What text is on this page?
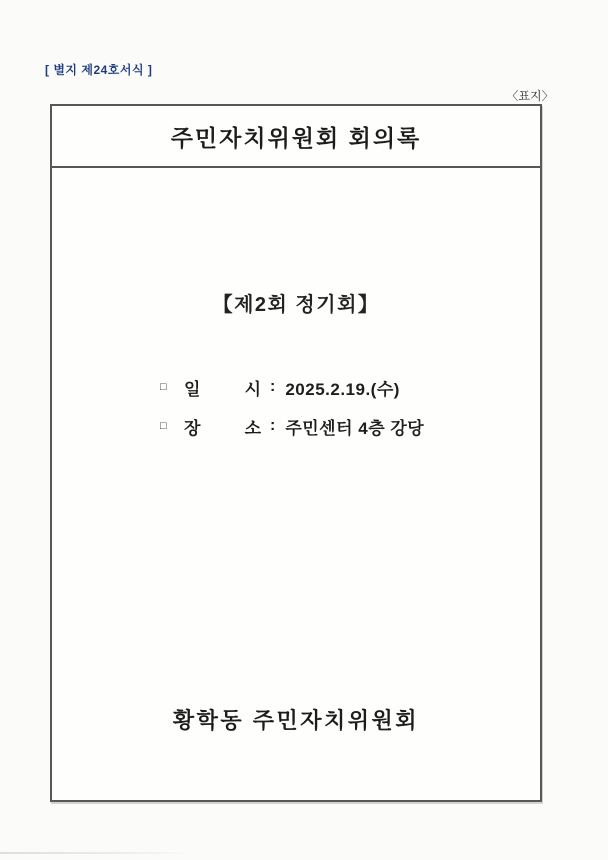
[ 별지 제24호서식 ]
〈표지〉
주민자치위원회 회의록
【제2회 정기회】
□	일	시 : 2025.2.19.(수)
□	장	소 : 주민센터 4층 강당
황학동 주민자치위원회
